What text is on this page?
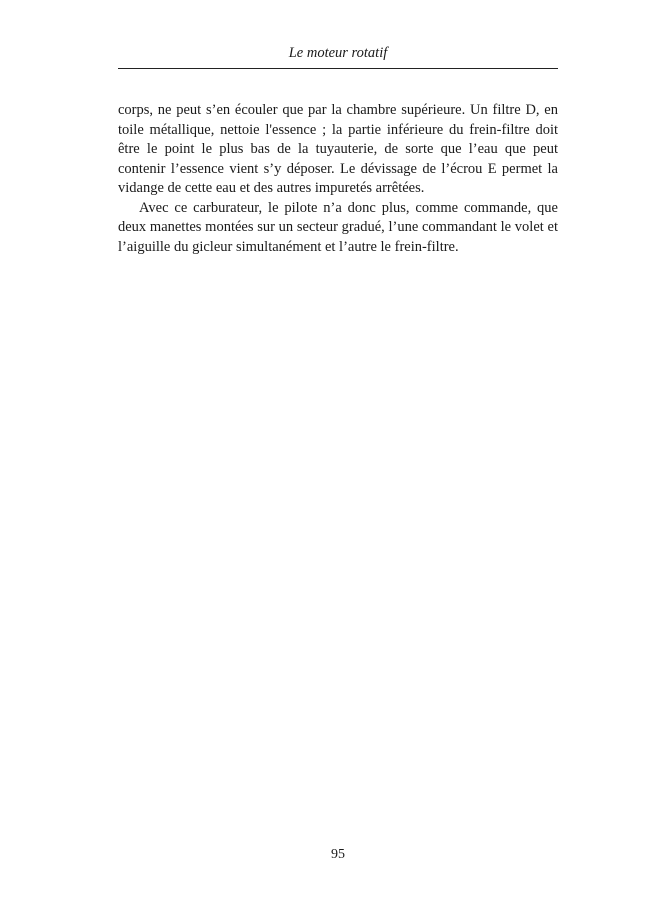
Le moteur rotatif

corps, ne peut s’en écouler que par la chambre supérieure. Un filtre D, en toile métallique, nettoie l'essence ; la partie inférieure du frein-filtre doit être le point le plus bas de la tuyauterie, de sorte que l’eau que peut contenir l’essence vient s’y déposer. Le dévissage de l’écrou E permet la vidange de cette eau et des autres impuretés arrêtées.

Avec ce carburateur, le pilote n’a donc plus, comme commande, que deux manettes montées sur un secteur gradué, l’une commandant le volet et l’aiguille du gicleur simultanément et l’autre le frein-filtre.

95
